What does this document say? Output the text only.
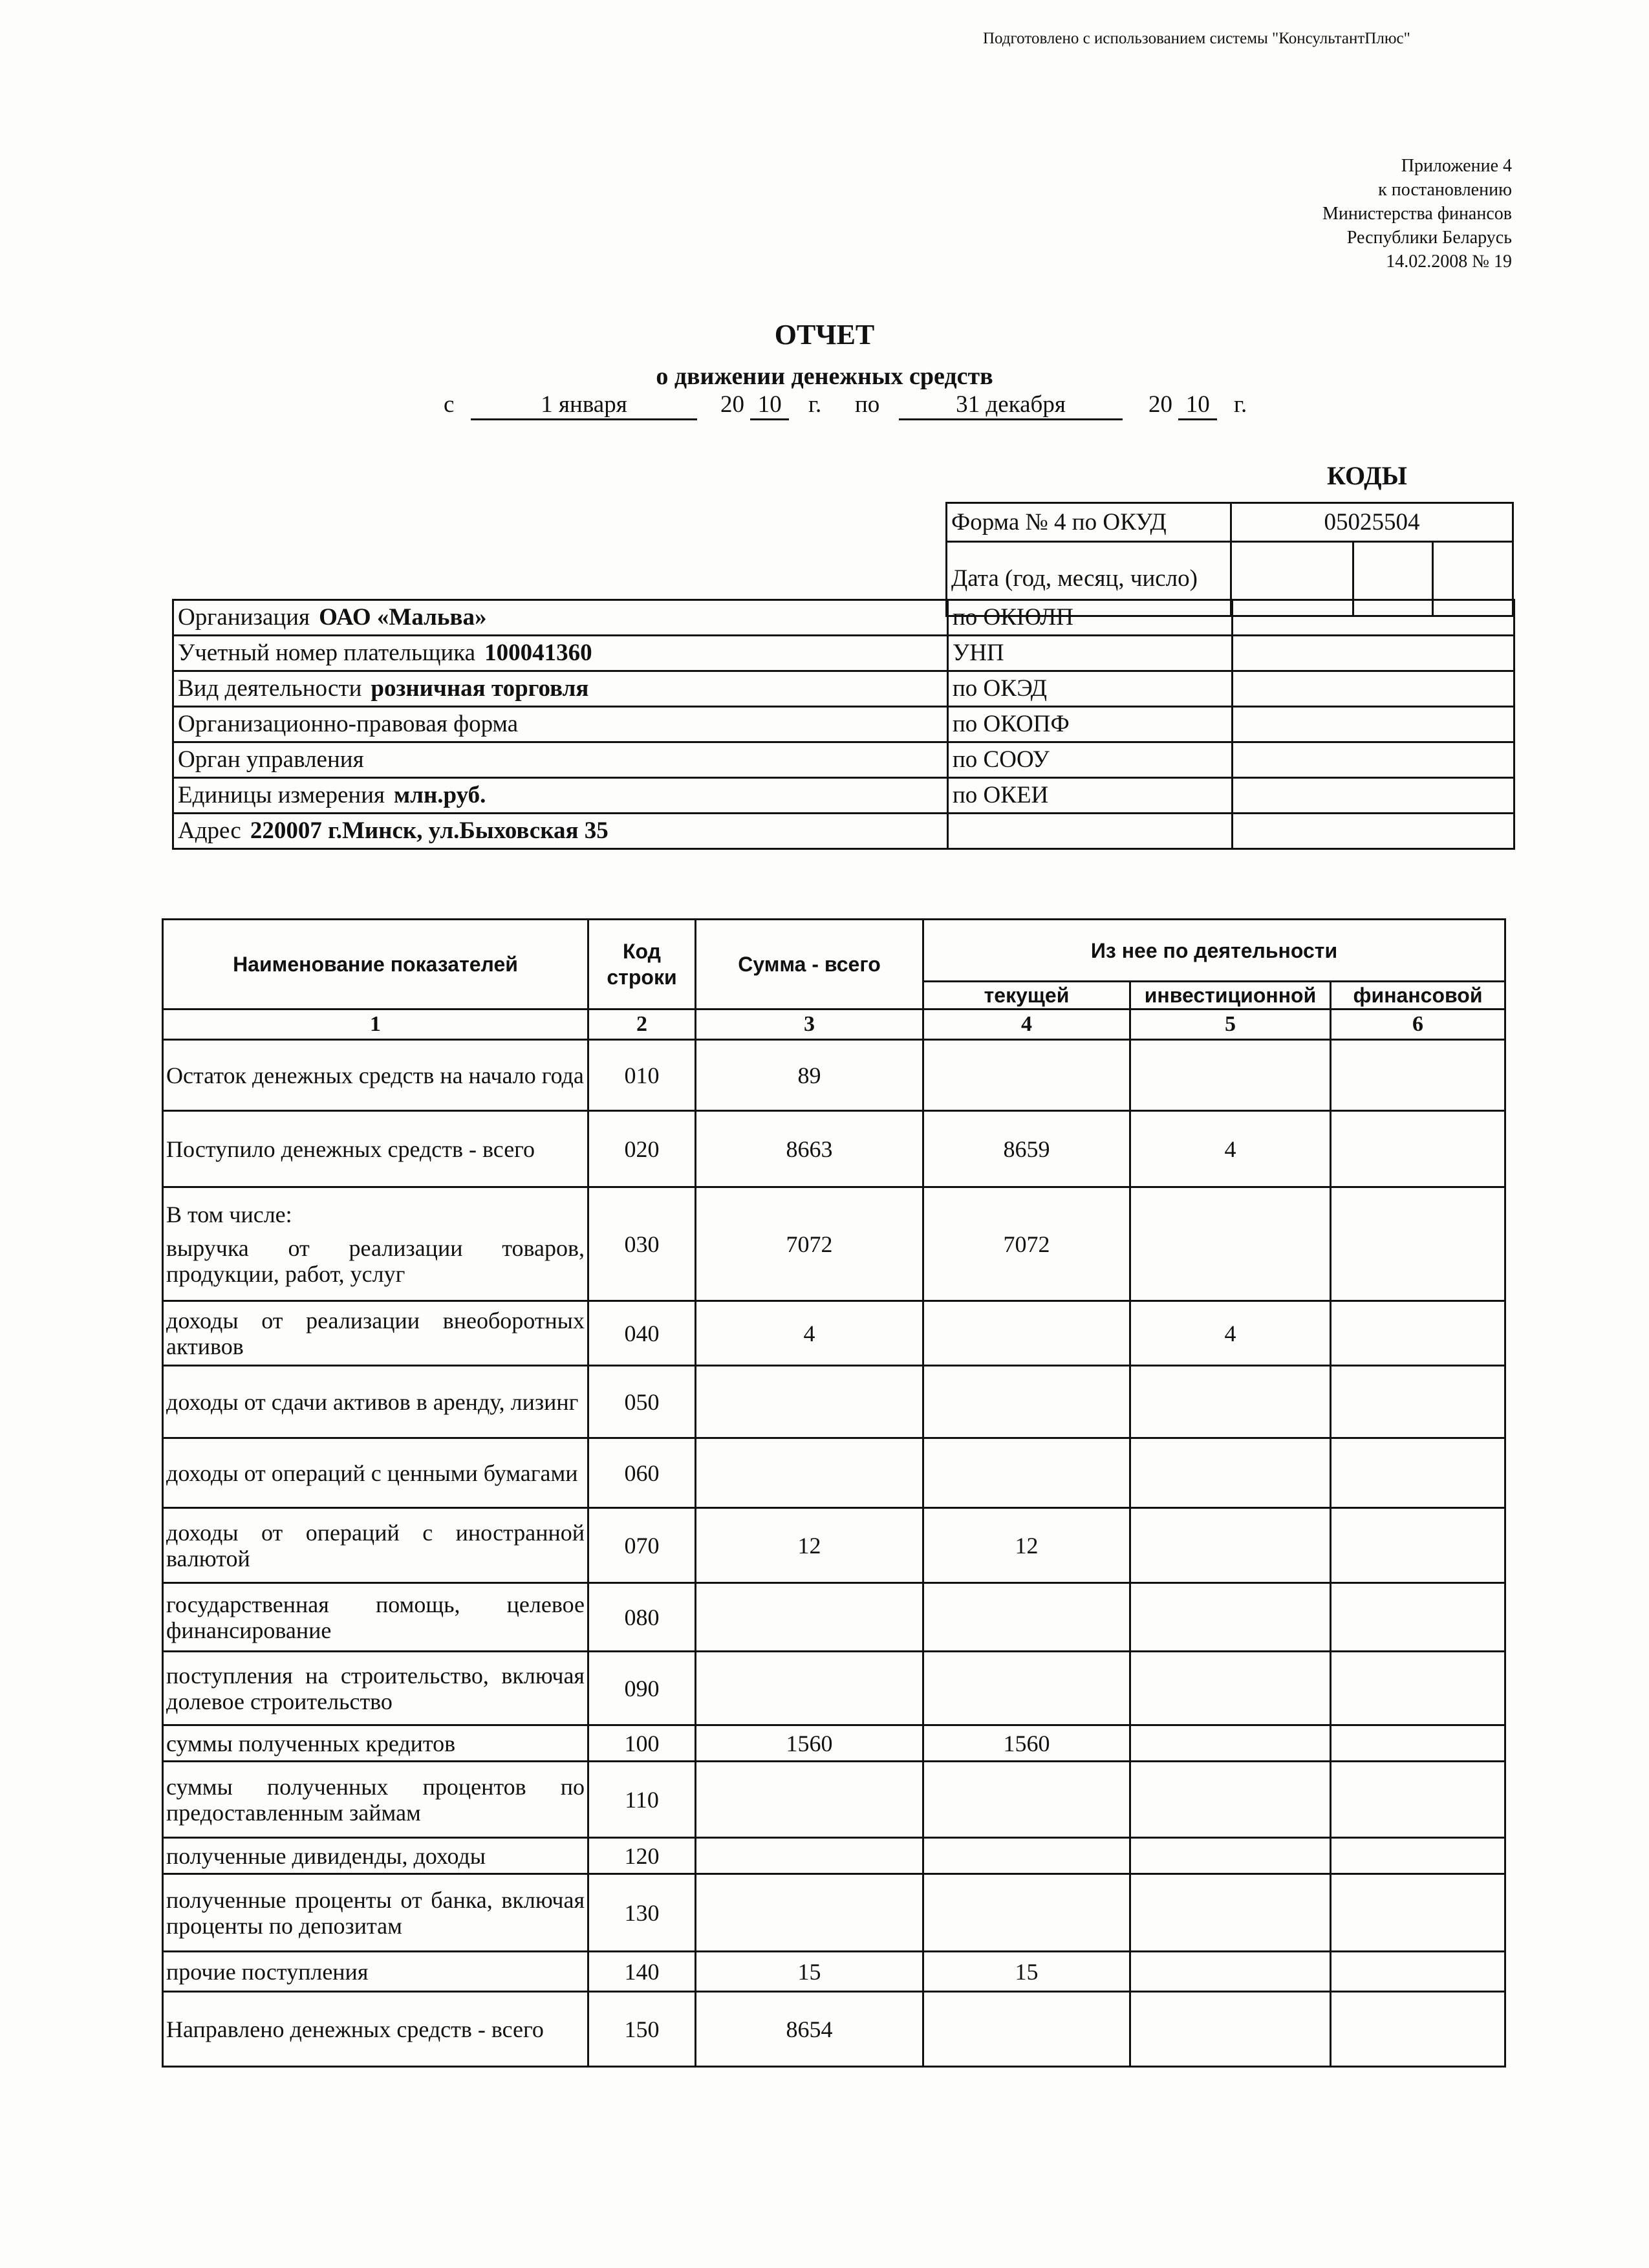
Подготовлено с использованием системы "КонсультантПлюс"
Приложение 4
к постановлению
Министерства финансов
Республики Беларусь
14.02.2008 № 19
ОТЧЕТ
о движении денежных средств
с	1 января	20 10	г. по	31 декабря	20 10	г.
КОДЫ
Форма № 4 по ОКУД	05025504
Дата (год, месяц, число)	
Организация ОАО «Мальва»	по ОКЮЛП	
Учетный номер плательщика 100041360	УНП	
Вид деятельности розничная торговля	по ОКЭД	
Организационно-правовая форма	по ОКОПФ	
Орган управления	по СООУ	
Единицы измерения млн.руб.	по ОКЕИ	
Адрес 220007 г.Минск, ул.Быховская 35		
Наименование показателей	Код строки	Сумма - всего	Из нее по деятельности		
			текущей	инвестиционной	финансовой
1	2	3	4	5	6
Остаток денежных средств на начало года	010	89			
Поступило денежных средств - всего	020	8663	8659	4	
В том числе:
выручка от реализации товаров, продукции, работ, услуг	030	7072	7072		
доходы от реализации внеоборотных активов	040	4		4	
доходы от сдачи активов в аренду, лизинг	050				
доходы от операций с ценными бумагами	060				
доходы от операций с иностранной валютой	070	12	12		
государственная помощь, целевое финансирование	080				
поступления на строительство, включая долевое строительство	090				
суммы полученных кредитов	100	1560	1560		
суммы полученных процентов по предоставленным займам	110				
полученные дивиденды, доходы	120				
полученные проценты от банка, включая проценты по депозитам	130				
прочие поступления	140	15	15		
Направлено денежных средств - всего	150	8654			
